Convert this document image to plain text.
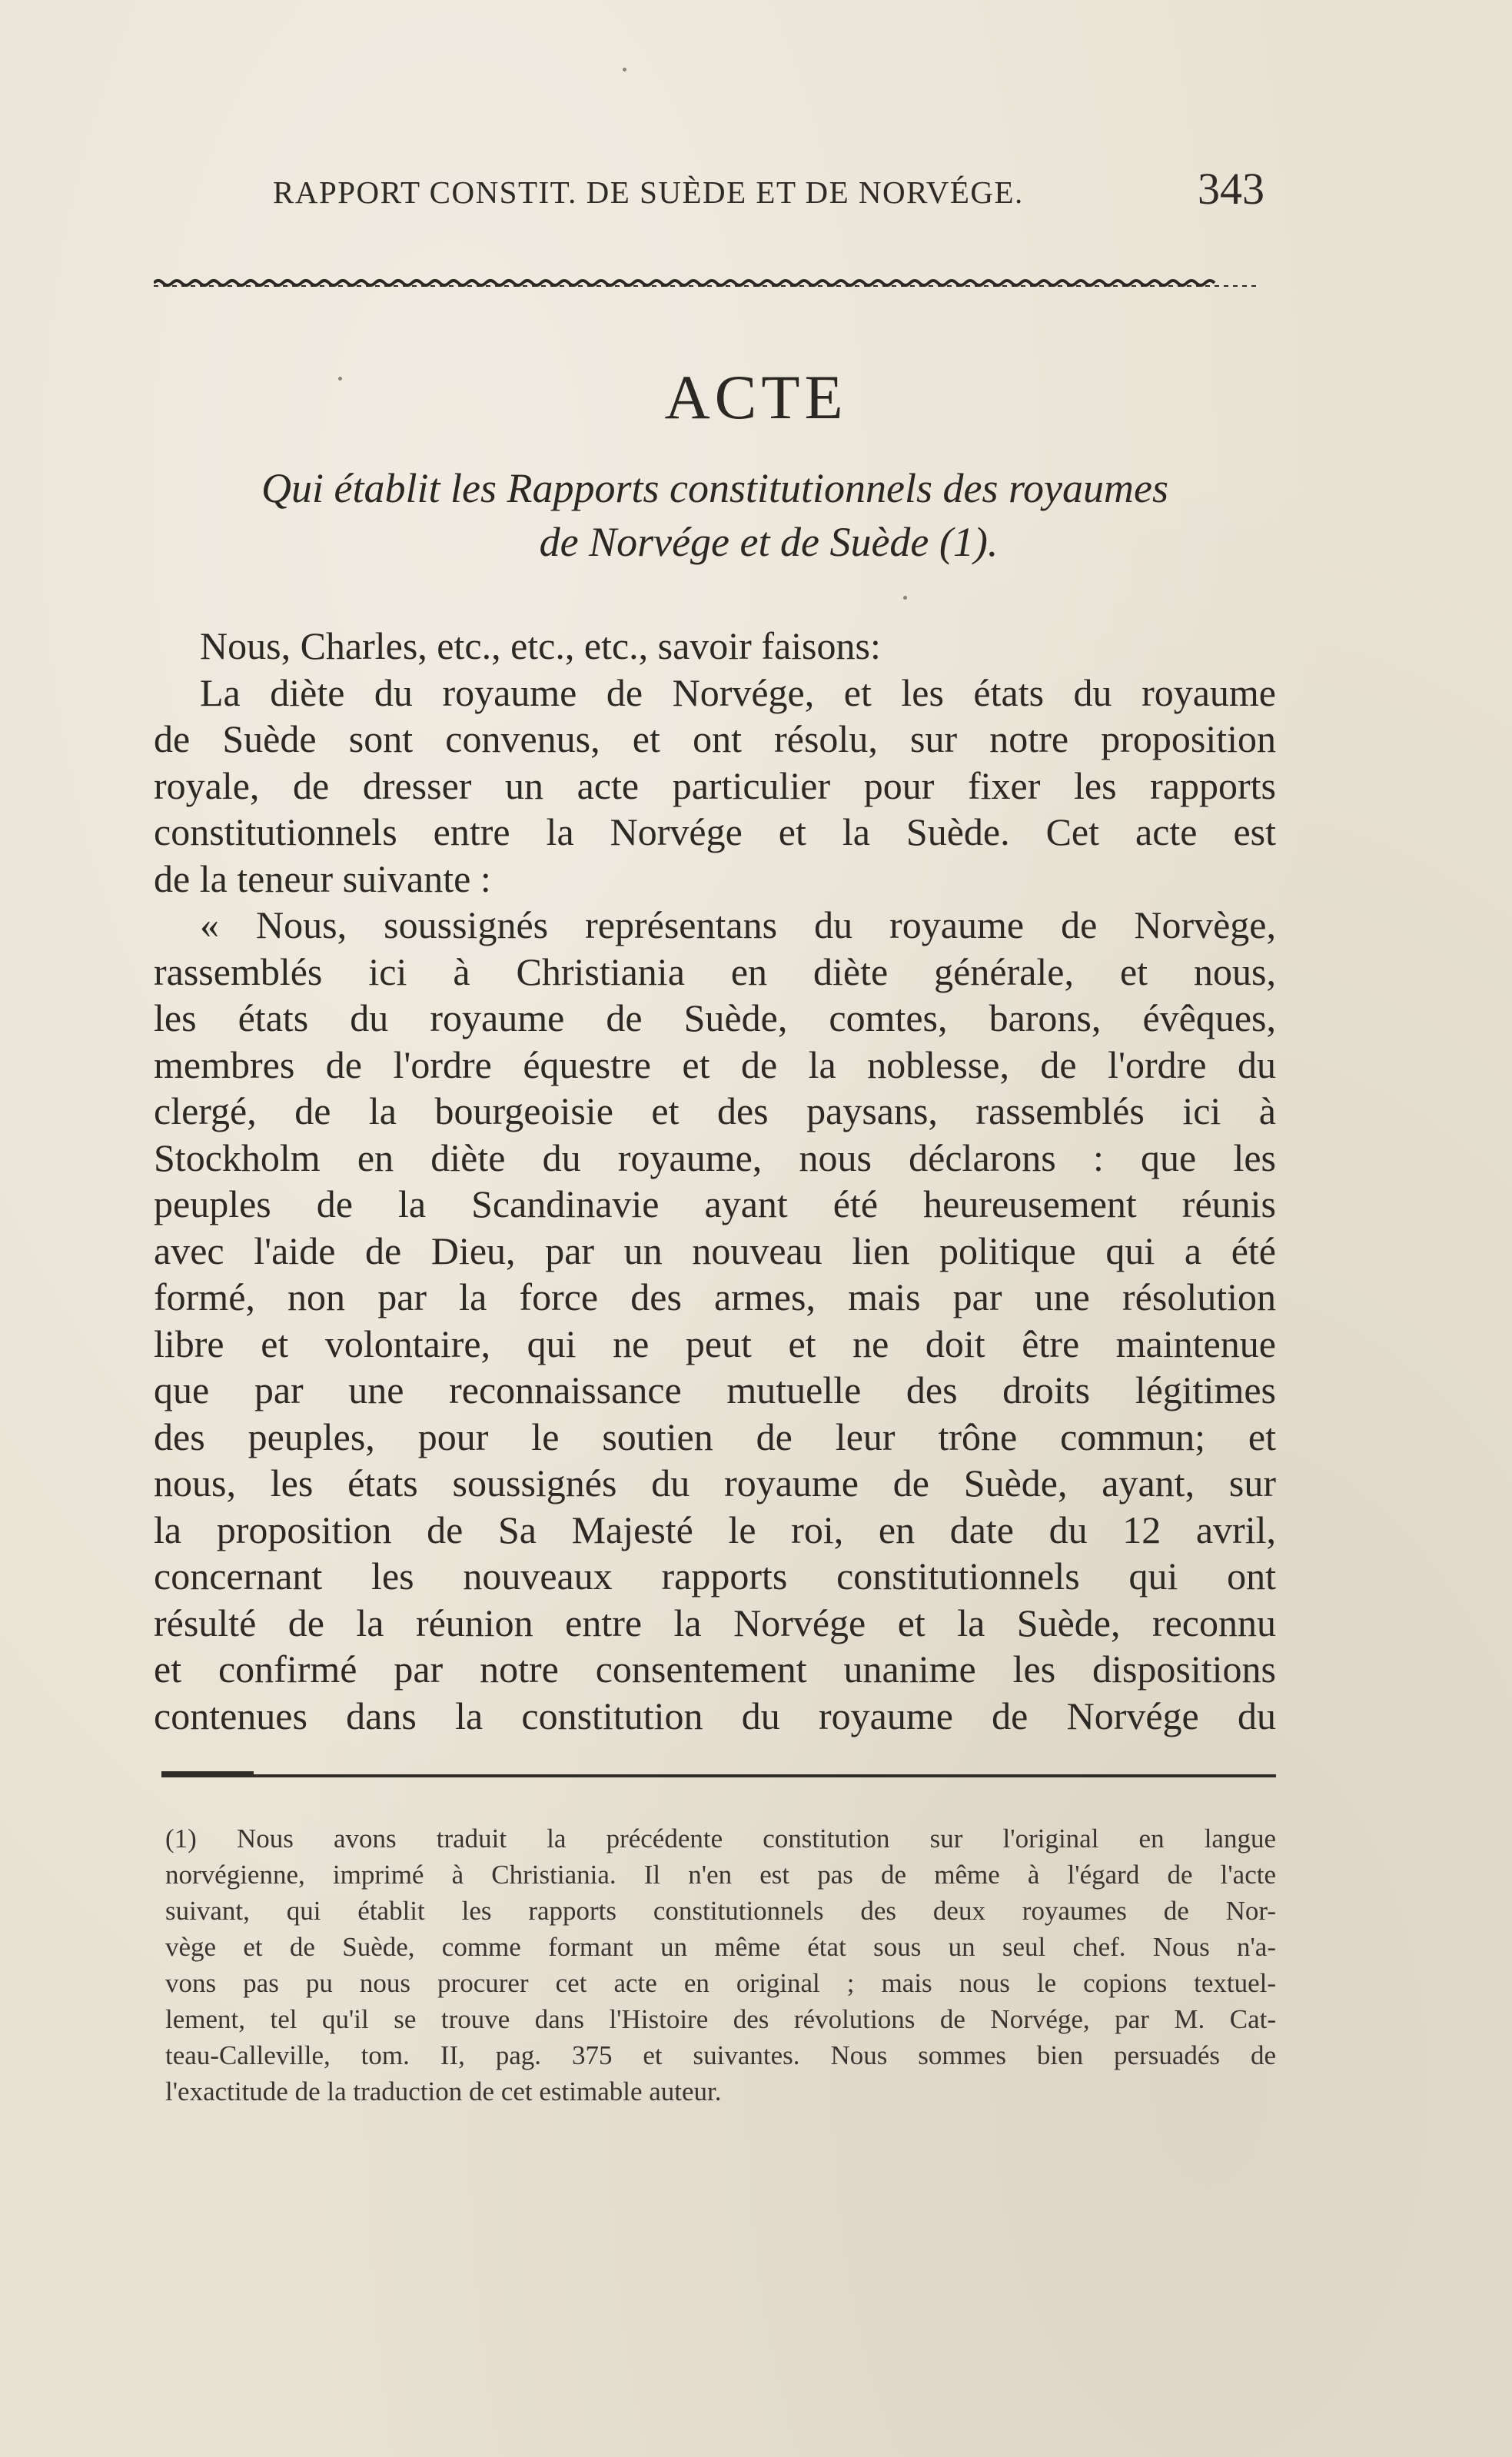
RAPPORT CONSTIT. DE SUÈDE ET DE NORVÉGE.	343
ACTE
Qui établit les Rapports constitutionnels des royaumes
de Norvége et de Suède (1).
Nous, Charles, etc., etc., etc., savoir faisons:
La diète du royaume de Norvége, et les états du royaume
de Suède sont convenus, et ont résolu, sur notre proposition
royale, de dresser un acte particulier pour fixer les rapports
constitutionnels entre la Norvége et la Suède. Cet acte est
de la teneur suivante :
« Nous, soussignés représentans du royaume de Norvège,
rassemblés ici à Christiania en diète générale, et nous,
les états du royaume de Suède, comtes, barons, évêques,
membres de l'ordre équestre et de la noblesse, de l'ordre du
clergé, de la bourgeoisie et des paysans, rassemblés ici à
Stockholm en diète du royaume, nous déclarons : que les
peuples de la Scandinavie ayant été heureusement réunis
avec l'aide de Dieu, par un nouveau lien politique qui a été
formé, non par la force des armes, mais par une résolution
libre et volontaire, qui ne peut et ne doit être maintenue
que par une reconnaissance mutuelle des droits légitimes
des peuples, pour le soutien de leur trône commun; et
nous, les états soussignés du royaume de Suède, ayant, sur
la proposition de Sa Majesté le roi, en date du 12 avril,
concernant les nouveaux rapports constitutionnels qui ont
résulté de la réunion entre la Norvége et la Suède, reconnu
et confirmé par notre consentement unanime les dispositions
contenues dans la constitution du royaume de Norvége du
(1) Nous avons traduit la précédente constitution sur l'original en langue
norvégienne, imprimé à Christiania. Il n'en est pas de même à l'égard de l'acte
suivant, qui établit les rapports constitutionnels des deux royaumes de Nor-
vège et de Suède, comme formant un même état sous un seul chef. Nous n'a-
vons pas pu nous procurer cet acte en original ; mais nous le copions textuel-
lement, tel qu'il se trouve dans l'Histoire des révolutions de Norvége, par M. Cat-
teau-Calleville, tom. II, pag. 375 et suivantes. Nous sommes bien persuadés de
l'exactitude de la traduction de cet estimable auteur.
